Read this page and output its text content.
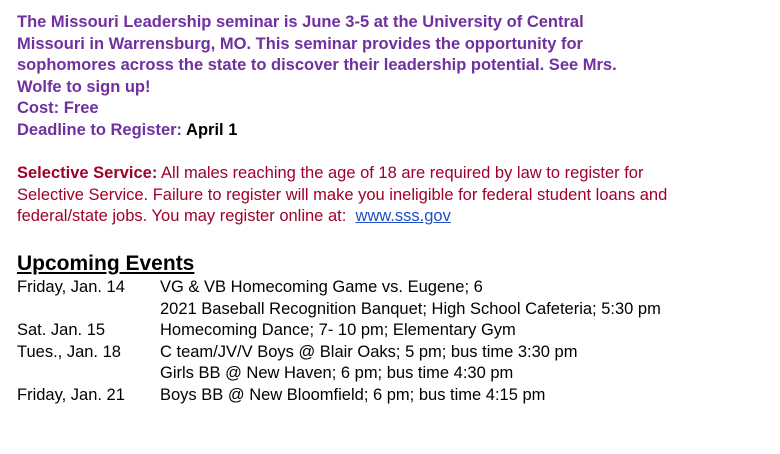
The Missouri Leadership seminar is June 3-5 at the University of Central
Missouri in Warrensburg, MO. This seminar provides the opportunity for
sophomores across the state to discover their leadership potential. See Mrs.
Wolfe to sign up!
Cost: Free
Deadline to Register: April 1
Selective Service: All males reaching the age of 18 are required by law to register for
Selective Service. Failure to register will make you ineligible for federal student loans and
federal/state jobs. You may register online at: www.sss.gov
Upcoming Events
Friday, Jan. 14	VG & VB Homecoming Game vs. Eugene; 6
2021 Baseball Recognition Banquet; High School Cafeteria; 5:30 pm
Sat. Jan. 15	Homecoming Dance; 7- 10 pm; Elementary Gym
Tues., Jan. 18	C team/JV/V Boys @ Blair Oaks; 5 pm; bus time 3:30 pm
Girls BB @ New Haven; 6 pm; bus time 4:30 pm
Friday, Jan. 21	Boys BB @ New Bloomfield; 6 pm; bus time 4:15 pm
